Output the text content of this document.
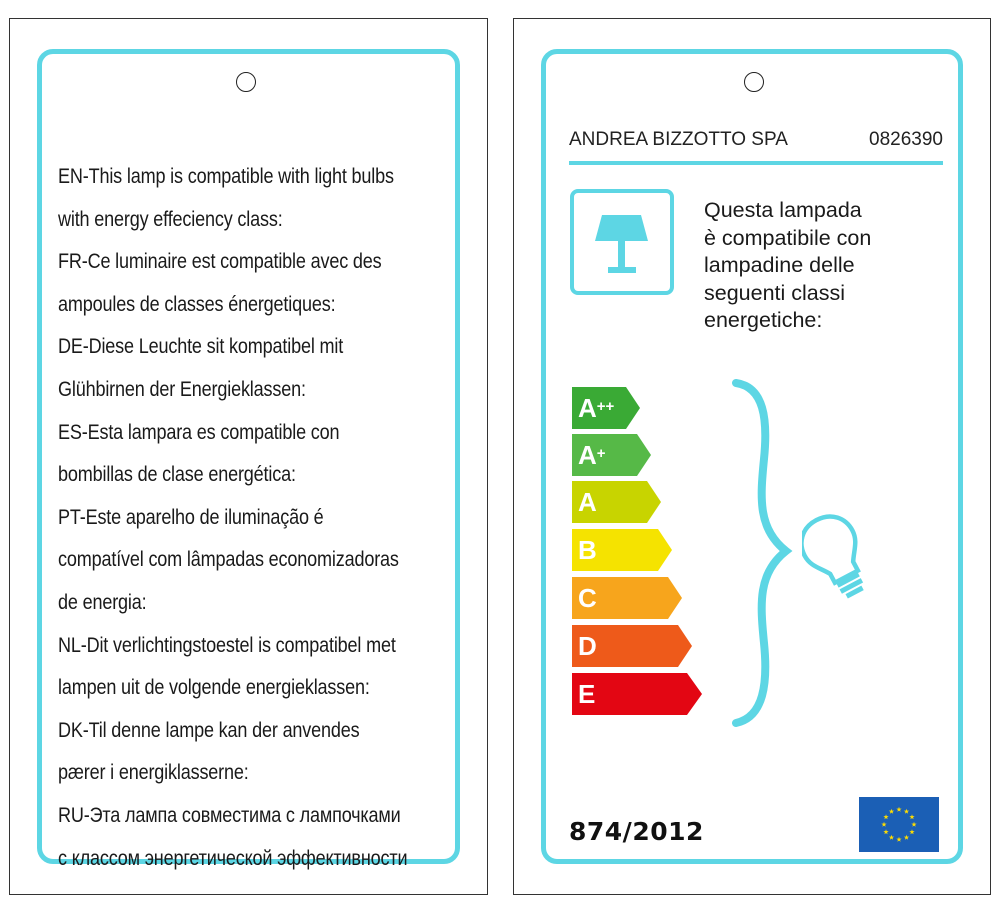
EN-This lamp is compatible with light bulbs
with energy effeciency class:
FR-Ce luminaire est compatible avec des
ampoules de classes énergetiques:
DE-Diese Leuchte sit kompatibel mit
Glühbirnen der Energieklassen:
ES-Esta lampara es compatible con
bombillas de clase energética:
PT-Este aparelho de iluminação é
compatível com lâmpadas economizadoras
de energia:
NL-Dit verlichtingstoestel is compatibel met
lampen uit de volgende energieklassen:
DK-Til denne lampe kan der anvendes
pærer i energiklasserne:
RU-Эта лампа совместима с лампочками
с классом энергетической эффективности
ANDREA BIZZOTTO SPA	0826390
Questa lampada
è compatibile con
lampadine delle
seguenti classi
energetiche:
A++
A+
A
B
C
D
E
874/2012
